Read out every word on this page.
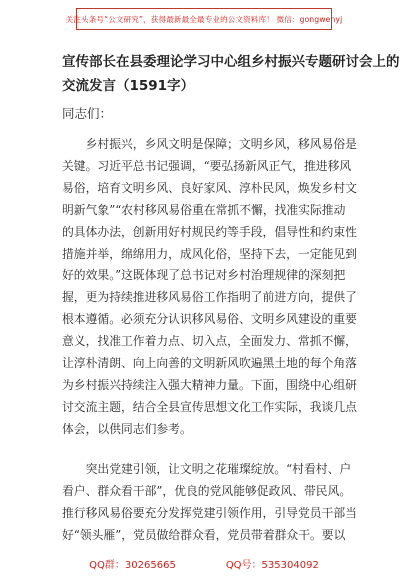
关注头条号“公文研究”，获得最新最全最专业的公文资料库！ 微信：gongwenyj
宣传部长在县委理论学习中心组乡村振兴专题研讨会上的
交流发言（1591字）
同志们：
　　乡村振兴，乡风文明是保障；文明乡风，移风易俗是
关键。习近平总书记强调，“要弘扬新风正气，推进移风
易俗，培育文明乡风、良好家风、淳朴民风，焕发乡村文
明新气象”“农村移风易俗重在常抓不懈，找准实际推动
的具体办法，创新用好村规民约等手段，倡导性和约束性
措施并举，绵绵用力，成风化俗，坚持下去，一定能见到
好的效果。”这既体现了总书记对乡村治理规律的深刻把
握，更为持续推进移风易俗工作指明了前进方向，提供了
根本遵循。必须充分认识移风易俗、文明乡风建设的重要
意义，找准工作着力点、切入点，全面发力、常抓不懈，
让淳朴清朗、向上向善的文明新风吹遍黑土地的每个角落
为乡村振兴持续注入强大精神力量。下面，围绕中心组研
讨交流主题，结合全县宣传思想文化工作实际，我谈几点
体会，以供同志们参考。
　　突出党建引领，让文明之花璀璨绽放。“村看村、户
看户、群众看干部”，优良的党风能够促政风、带民风。
推行移风易俗要充分发挥党建引领作用，引导党员干部当
好“领头雁”，党员做给群众看，党员带着群众干。要以
QQ群：30265665	QQ号：535304092
